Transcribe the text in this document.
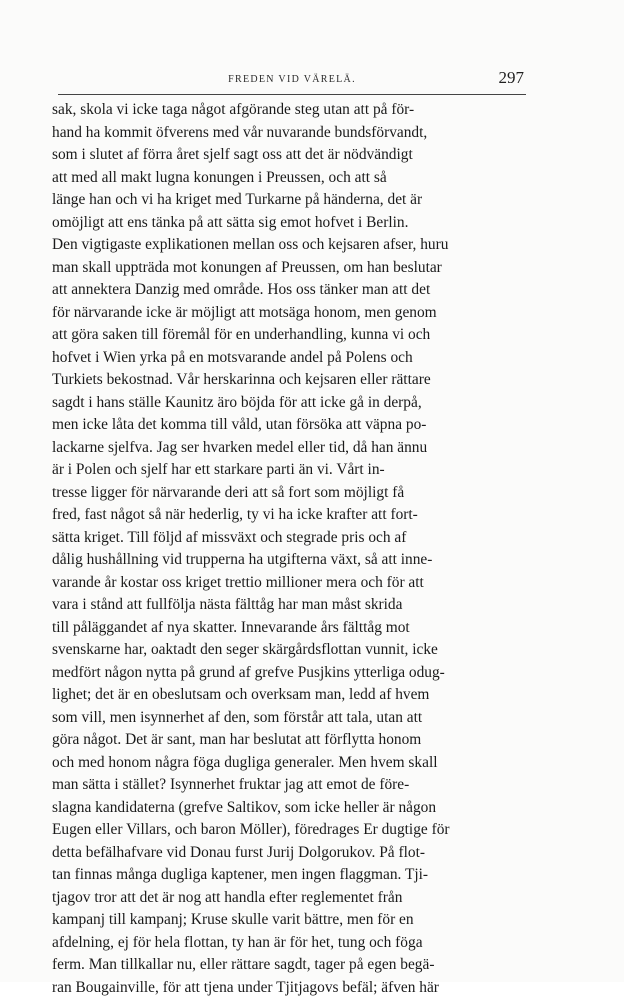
FREDEN VID VÄRELÄ.	297
sak, skola vi icke taga något afgörande steg utan att på för-
hand ha kommit öfverens med vår nuvarande bundsförvandt,
som i slutet af förra året sjelf sagt oss att det är nödvändigt
att med all makt lugna konungen i Preussen, och att så
länge han och vi ha kriget med Turkarne på händerna, det är
omöjligt att ens tänka på att sätta sig emot hofvet i Berlin.
Den vigtigaste explikationen mellan oss och kejsaren afser, huru
man skall uppträda mot konungen af Preussen, om han beslutar
att annektera Danzig med område. Hos oss tänker man att det
för närvarande icke är möjligt att motsäga honom, men genom
att göra saken till föremål för en underhandling, kunna vi och
hofvet i Wien yrka på en motsvarande andel på Polens och
Turkiets bekostnad. Vår herskarinna och kejsaren eller rättare
sagdt i hans ställe Kaunitz äro böjda för att icke gå in derpå,
men icke låta det komma till våld, utan försöka att väpna po-
lackarne sjelfva. Jag ser hvarken medel eller tid, då han ännu
är i Polen och sjelf har ett starkare parti än vi. Vårt in-
tresse ligger för närvarande deri att så fort som möjligt få
fred, fast något så när hederlig, ty vi ha icke krafter att fort-
sätta kriget. Till följd af missväxt och stegrade pris och af
dålig hushållning vid trupperna ha utgifterna växt, så att inne-
varande år kostar oss kriget trettio millioner mera och för att
vara i stånd att fullfölja nästa fälttåg har man måst skrida
till påläggandet af nya skatter. Innevarande års fälttåg mot
svenskarne har, oaktadt den seger skärgårdsflottan vunnit, icke
medfört någon nytta på grund af grefve Pusjkins ytterliga odug-
lighet; det är en obeslutsam och overksam man, ledd af hvem
som vill, men isynnerhet af den, som förstår att tala, utan att
göra något. Det är sant, man har beslutat att förflytta honom
och med honom några föga dugliga generaler. Men hvem skall
man sätta i stället? Isynnerhet fruktar jag att emot de före-
slagna kandidaterna (grefve Saltikov, som icke heller är någon
Eugen eller Villars, och baron Möller), föredrages Er dugtige för
detta befälhafvare vid Donau furst Jurij Dolgorukov. På flot-
tan finnas många dugliga kaptener, men ingen flaggman. Tji-
tjagov tror att det är nog att handla efter reglementet från
kampanj till kampanj; Kruse skulle varit bättre, men för en
afdelning, ej för hela flottan, ty han är för het, tung och föga
ferm. Man tillkallar nu, eller rättare sagdt, tager på egen begä-
ran Bougainville, för att tjena under Tjitjagovs befäl; äfven här
